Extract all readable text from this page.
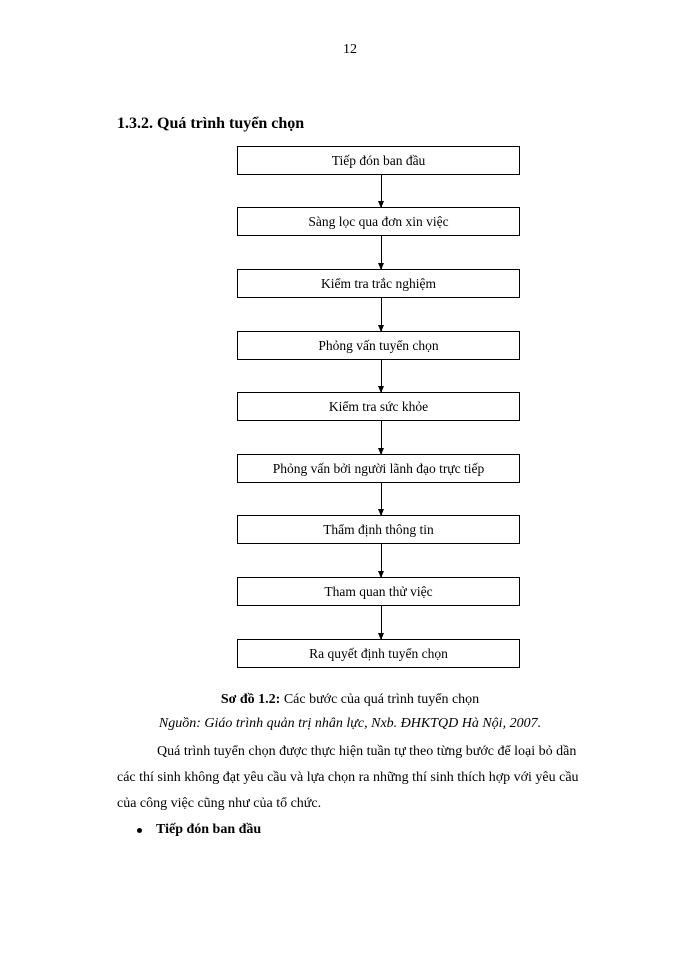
12
1.3.2. Quá trình tuyển chọn
Tiếp đón ban đầu
Sàng lọc qua đơn xin việc
Kiểm tra trắc nghiệm
Phỏng vấn tuyển chọn
Kiểm tra sức khỏe
Phỏng vấn bởi người lãnh đạo trực tiếp
Thẩm định thông tin
Tham quan thử việc
Ra quyết định tuyển chọn
Sơ đồ 1.2: Các bước của quá trình tuyển chọn
Nguồn: Giáo trình quản trị nhân lực, Nxb. ĐHKTQD Hà Nội, 2007.
Quá trình tuyển chọn được thực hiện tuần tự theo từng bước để loại bỏ dần
các thí sinh không đạt yêu cầu và lựa chọn ra những thí sinh thích hợp với yêu cầu
của công việc cũng như của tổ chức.
Tiếp đón ban đầu
